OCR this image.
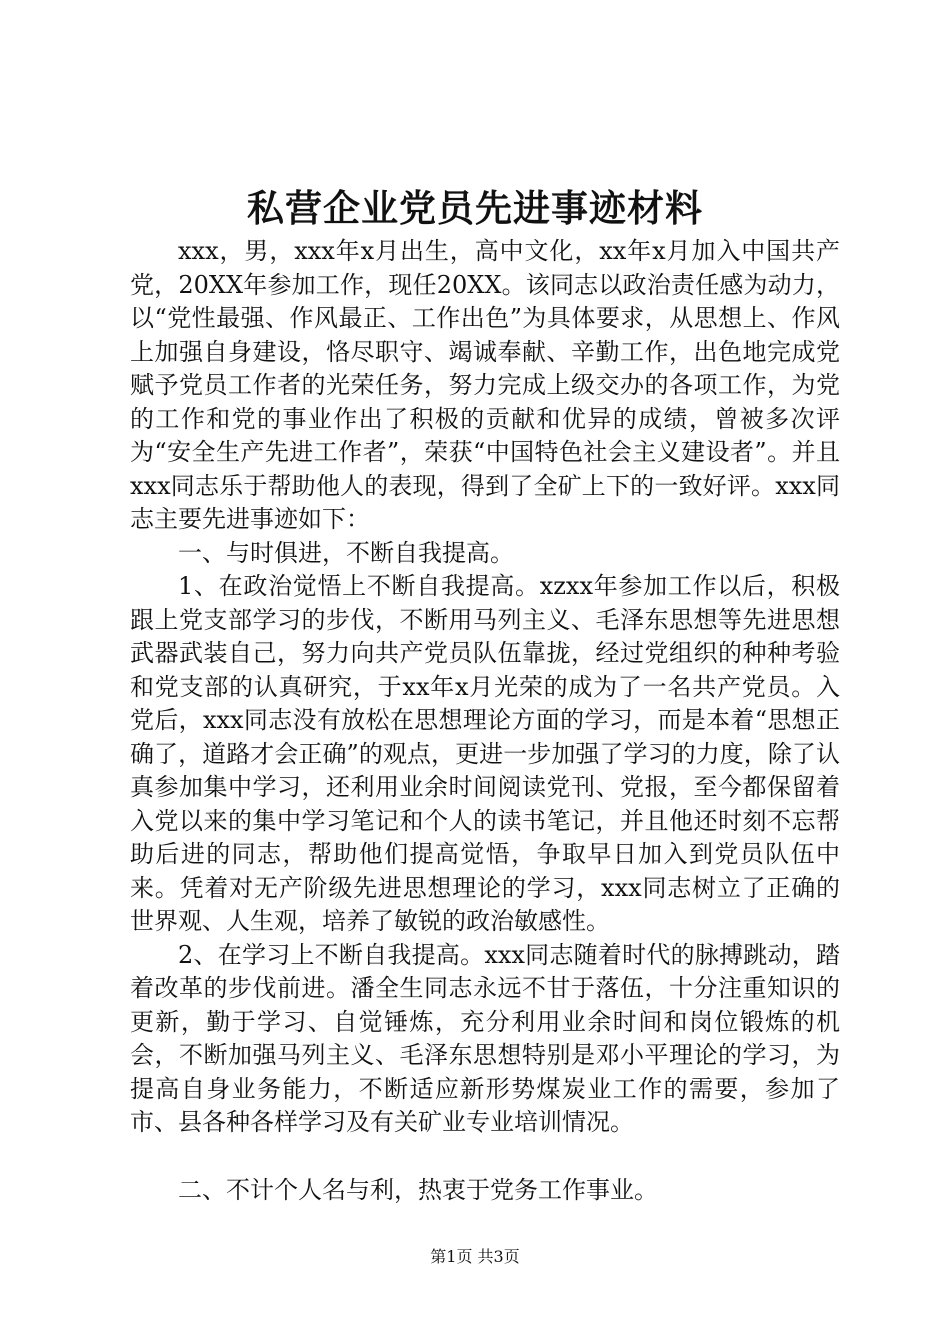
私营企业党员先进事迹材料

xxx，男，xxx年x月出生，高中文化，xx年x月加入中国共产党，20XX年参加工作，现任20XX。该同志以政治责任感为动力，以“党性最强、作风最正、工作出色”为具体要求，从思想上、作风上加强自身建设，恪尽职守、竭诚奉献、辛勤工作，出色地完成党赋予党员工作者的光荣任务，努力完成上级交办的各项工作，为党的工作和党的事业作出了积极的贡献和优异的成绩，曾被多次评为“安全生产先进工作者”，荣获“中国特色社会主义建设者”。并且xxx同志乐于帮助他人的表现，得到了全矿上下的一致好评。xxx同志主要先进事迹如下：

一、与时俱进，不断自我提高。

1、在政治觉悟上不断自我提高。xzxx年参加工作以后，积极跟上党支部学习的步伐，不断用马列主义、毛泽东思想等先进思想武器武装自己，努力向共产党员队伍靠拢，经过党组织的种种考验和党支部的认真研究，于xx年x月光荣的成为了一名共产党员。入党后，xxx同志没有放松在思想理论方面的学习，而是本着“思想正确了，道路才会正确”的观点，更进一步加强了学习的力度，除了认真参加集中学习，还利用业余时间阅读党刊、党报，至今都保留着入党以来的集中学习笔记和个人的读书笔记，并且他还时刻不忘帮助后进的同志，帮助他们提高觉悟，争取早日加入到党员队伍中来。凭着对无产阶级先进思想理论的学习，xxx同志树立了正确的世界观、人生观，培养了敏锐的政治敏感性。

2、在学习上不断自我提高。xxx同志随着时代的脉搏跳动，踏着改革的步伐前进。潘全生同志永远不甘于落伍，十分注重知识的更新，勤于学习、自觉锤炼，充分利用业余时间和岗位锻炼的机会，不断加强马列主义、毛泽东思想特别是邓小平理论的学习，为提高自身业务能力，不断适应新形势煤炭业工作的需要，参加了市、县各种各样学习及有关矿业专业培训情况。

二、不计个人名与利，热衷于党务工作事业。

第1页 共3页
